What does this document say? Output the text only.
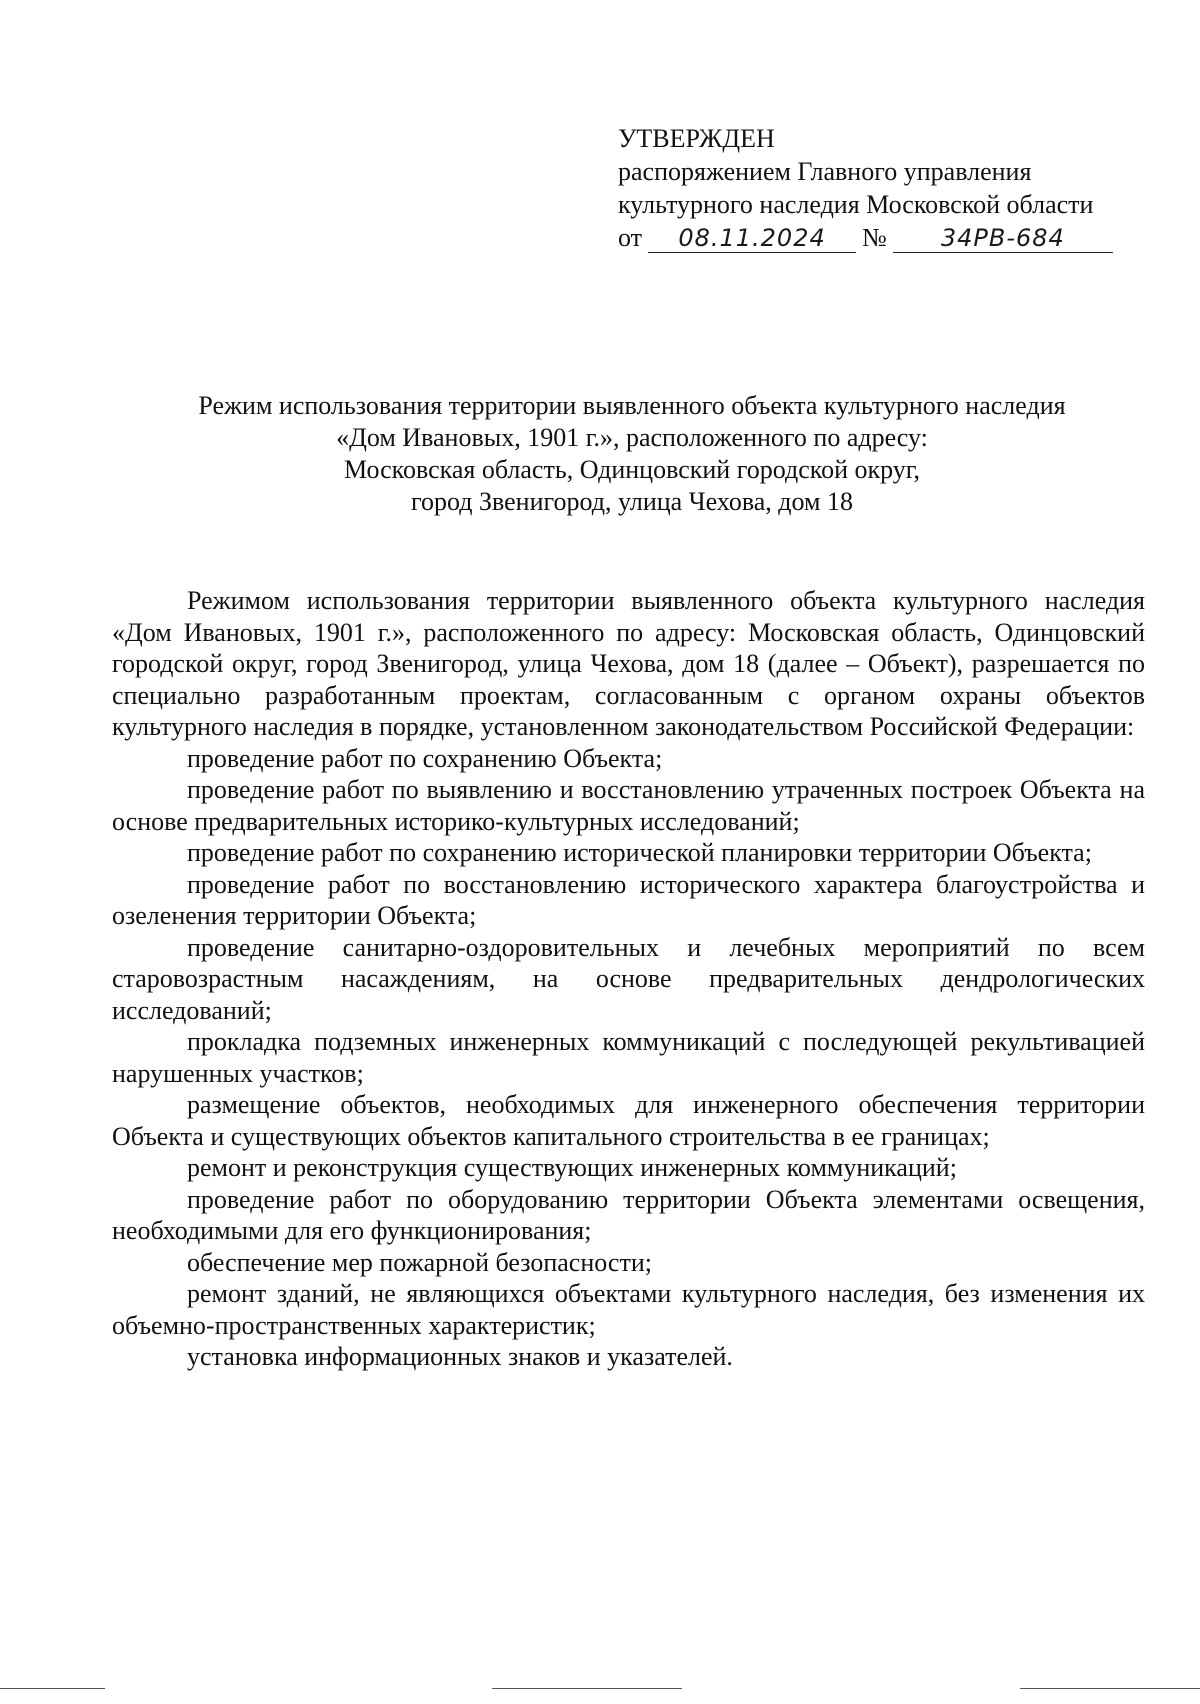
УТВЕРЖДЕН
распоряжением Главного управления
культурного наследия Московской области
от 08.11.2024 № 34РВ-684
Режим использования территории выявленного объекта культурного наследия
«Дом Ивановых, 1901 г.», расположенного по адресу:
Московская область, Одинцовский городской округ,
город Звенигород, улица Чехова, дом 18

Режимом использования территории выявленного объекта культурного наследия «Дом Ивановых, 1901 г.», расположенного по адресу: Московская область, Одинцовский городской округ, город Звенигород, улица Чехова, дом 18 (далее – Объект), разрешается по специально разработанным проектам, согласованным с органом охраны объектов культурного наследия в порядке, установленном законодательством Российской Федерации:

проведение работ по сохранению Объекта;

проведение работ по выявлению и восстановлению утраченных построек Объекта на основе предварительных историко-культурных исследований;

проведение работ по сохранению исторической планировки территории Объекта;

проведение работ по восстановлению исторического характера благоустройства и озеленения территории Объекта;

проведение санитарно-оздоровительных и лечебных мероприятий по всем старовозрастным насаждениям, на основе предварительных дендрологических исследований;

прокладка подземных инженерных коммуникаций с последующей рекультивацией нарушенных участков;

размещение объектов, необходимых для инженерного обеспечения территории Объекта и существующих объектов капитального строительства в ее границах;

ремонт и реконструкция существующих инженерных коммуникаций;

проведение работ по оборудованию территории Объекта элементами освещения, необходимыми для его функционирования;

обеспечение мер пожарной безопасности;

ремонт зданий, не являющихся объектами культурного наследия, без изменения их объемно-пространственных характеристик;

установка информационных знаков и указателей.
